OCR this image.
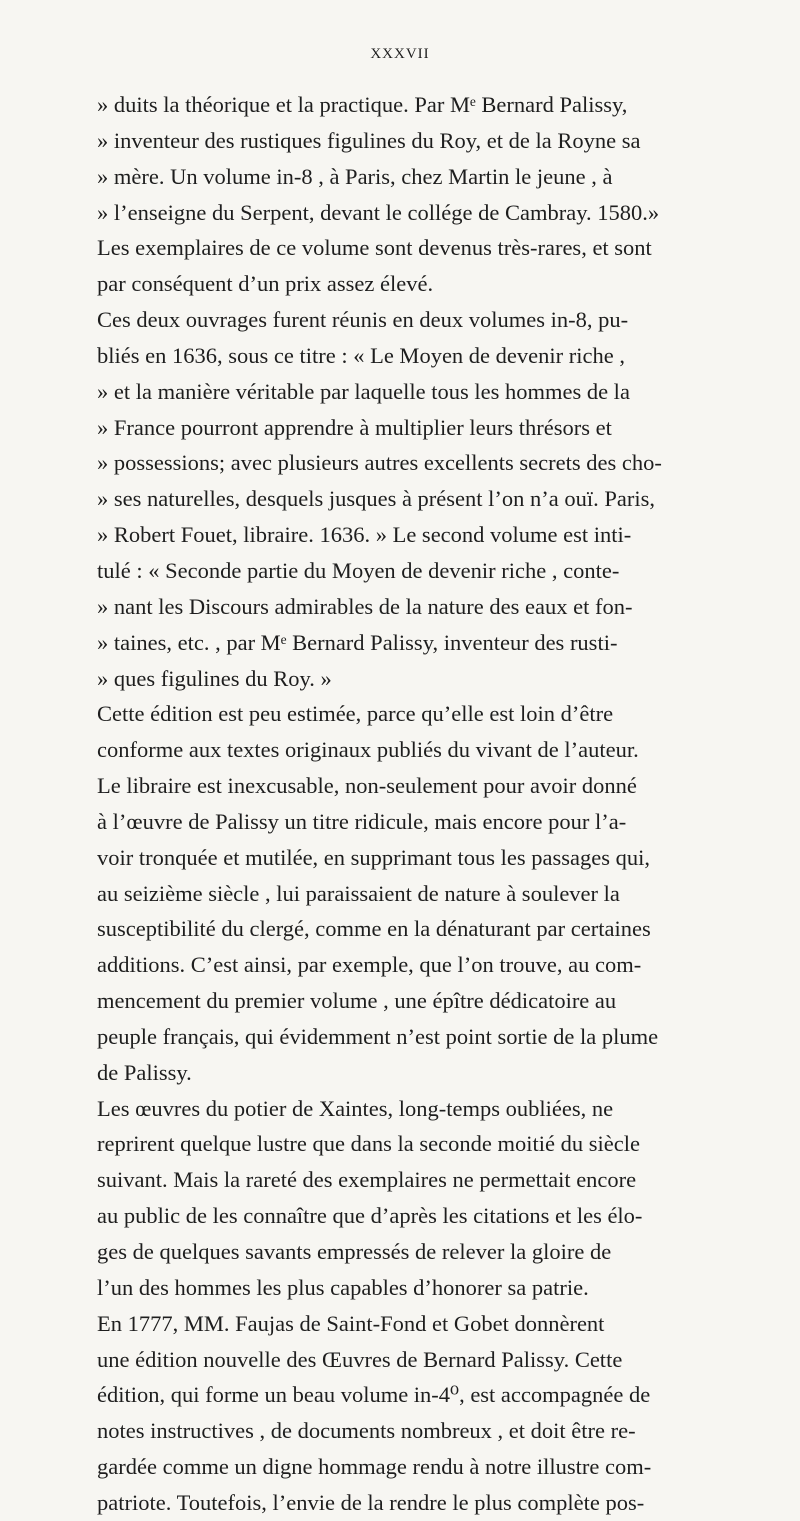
XXXVII
» duits la théorique et la practique. Par Mᵉ Bernard Palissy,
» inventeur des rustiques figulines du Roy, et de la Royne sa
» mère. Un volume in-8 , à Paris, chez Martin le jeune , à
» l’enseigne du Serpent, devant le collége de Cambray. 1580.»
Les exemplaires de ce volume sont devenus très-rares, et sont
par conséquent d’un prix assez élevé.
Ces deux ouvrages furent réunis en deux volumes in-8, pu-
bliés en 1636, sous ce titre : « Le Moyen de devenir riche ,
» et la manière véritable par laquelle tous les hommes de la
» France pourront apprendre à multiplier leurs thrésors et
» possessions; avec plusieurs autres excellents secrets des cho-
» ses naturelles, desquels jusques à présent l’on n’a ouï. Paris,
» Robert Fouet, libraire. 1636. » Le second volume est inti-
tulé : « Seconde partie du Moyen de devenir riche , conte-
» nant les Discours admirables de la nature des eaux et fon-
» taines, etc. , par Mᵉ Bernard Palissy, inventeur des rusti-
» ques figulines du Roy. »
Cette édition est peu estimée, parce qu’elle est loin d’être
conforme aux textes originaux publiés du vivant de l’auteur.
Le libraire est inexcusable, non-seulement pour avoir donné
à l’œuvre de Palissy un titre ridicule, mais encore pour l’a-
voir tronquée et mutilée, en supprimant tous les passages qui,
au seizième siècle , lui paraissaient de nature à soulever la
susceptibilité du clergé, comme en la dénaturant par certaines
additions. C’est ainsi, par exemple, que l’on trouve, au com-
mencement du premier volume , une épître dédicatoire au
peuple français, qui évidemment n’est point sortie de la plume
de Palissy.
Les œuvres du potier de Xaintes, long-temps oubliées, ne
reprirent quelque lustre que dans la seconde moitié du siècle
suivant. Mais la rareté des exemplaires ne permettait encore
au public de les connaître que d’après les citations et les élo-
ges de quelques savants empressés de relever la gloire de
l’un des hommes les plus capables d’honorer sa patrie.
En 1777, MM. Faujas de Saint-Fond et Gobet donnèrent
une édition nouvelle des Œuvres de Bernard Palissy. Cette
édition, qui forme un beau volume in-4⁰, est accompagnée de
notes instructives , de documents nombreux , et doit être re-
gardée comme un digne hommage rendu à notre illustre com-
patriote. Toutefois, l’envie de la rendre le plus complète pos-
